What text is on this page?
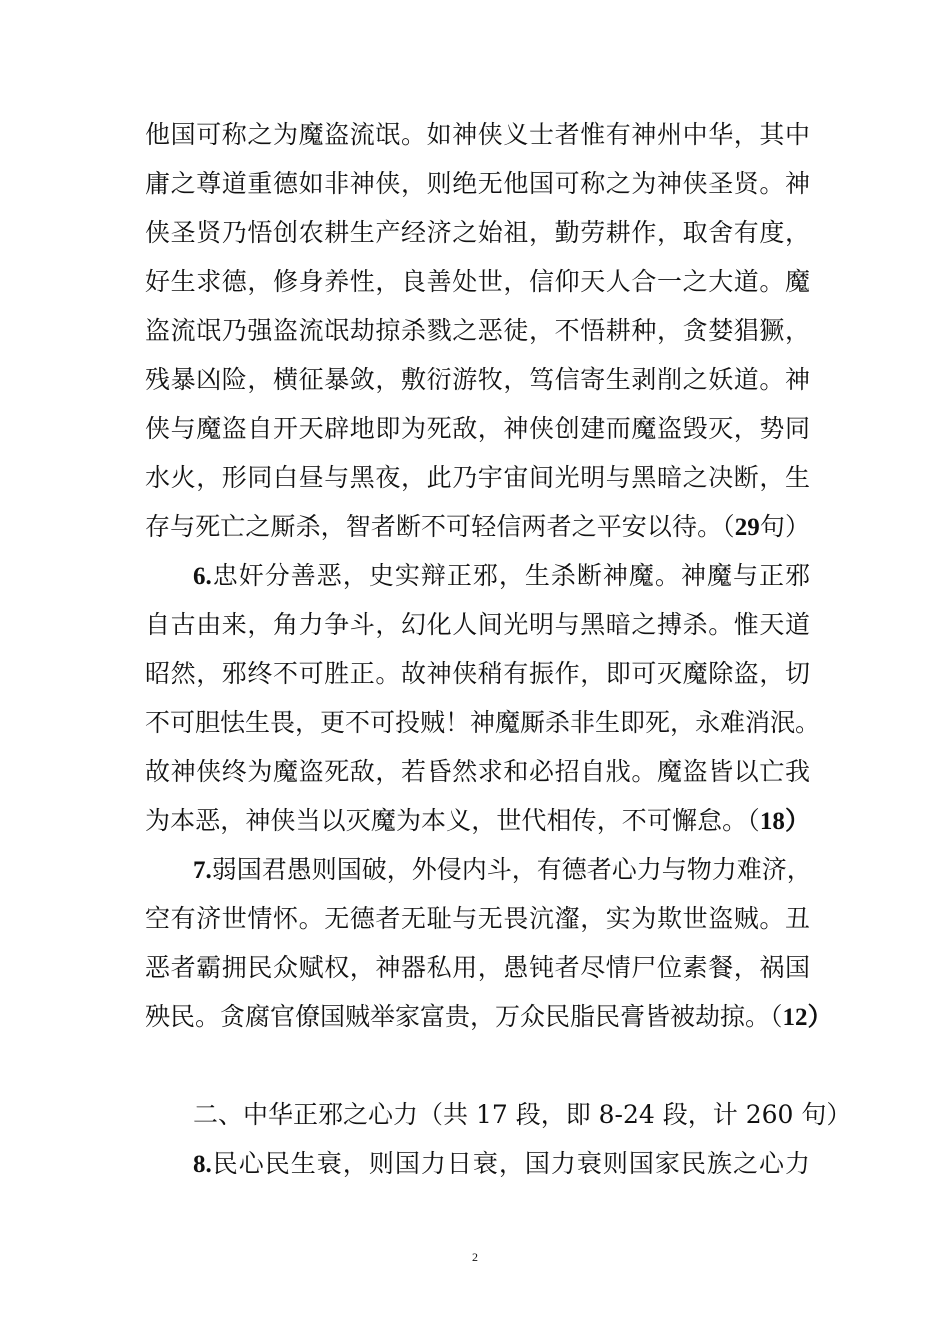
他国可称之为魔盗流氓。如神侠义士者惟有神州中华，其中
庸之尊道重德如非神侠，则绝无他国可称之为神侠圣贤。神
侠圣贤乃悟创农耕生产经济之始祖，勤劳耕作，取舍有度，
好生求德，修身养性，良善处世，信仰天人合一之大道。魔
盗流氓乃强盗流氓劫掠杀戮之恶徒，不悟耕种，贪婪猖獗，
残暴凶险，横征暴敛，敷衍游牧，笃信寄生剥削之妖道。神
侠与魔盗自开天辟地即为死敌，神侠创建而魔盗毁灭，势同
水火，形同白昼与黑夜，此乃宇宙间光明与黑暗之决断，生
存与死亡之厮杀，智者断不可轻信两者之平安以待。（29句）
6.忠奸分善恶，史实辩正邪，生杀断神魔。神魔与正邪
自古由来，角力争斗，幻化人间光明与黑暗之搏杀。惟天道
昭然，邪终不可胜正。故神侠稍有振作，即可灭魔除盗，切
不可胆怯生畏，更不可投贼！神魔厮杀非生即死，永难消泯。
故神侠终为魔盗死敌，若昏然求和必招自戕。魔盗皆以亡我
为本恶，神侠当以灭魔为本义，世代相传，不可懈怠。（18）
7.弱国君愚则国破，外侵内斗，有德者心力与物力难济，
空有济世情怀。无德者无耻与无畏沆瀣，实为欺世盗贼。丑
恶者霸拥民众赋权，神器私用，愚钝者尽情尸位素餐，祸国
殃民。贪腐官僚国贼举家富贵，万众民脂民膏皆被劫掠。（12）
二、中华正邪之心力（共 17 段，即 8-24 段，计 260 句）
8.民心民生衰，则国力日衰，国力衰则国家民族之心力
2
